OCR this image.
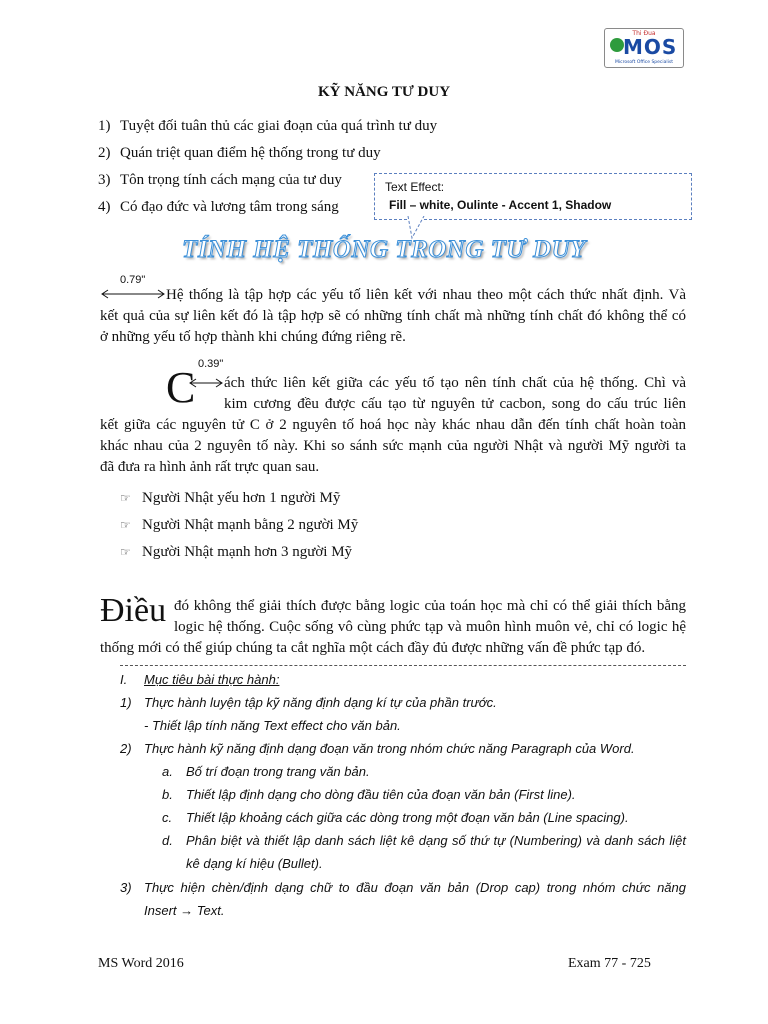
Thi Đua
MOS
Microsoft Office Specialist
KỸ NĂNG TƯ DUY
1) Tuyệt đối tuân thủ các giai đoạn của quá trình tư duy
2) Quán triệt quan điểm hệ thống trong tư duy
3) Tôn trọng tính cách mạng của tư duy
4) Có đạo đức và lương tâm trong sáng
Text Effect:
Fill – white, Oulinte - Accent 1, Shadow
TÍNH HỆ THỐNG TRONG TƯ DUY
0.79"
Hệ thống là tập hợp các yếu tố liên kết với nhau theo một cách thức nhất định. Và
kết quả của sự liên kết đó là tập hợp sẽ có những tính chất mà những tính chất đó không thể có
ở những yếu tố hợp thành khi chúng đứng riêng rẽ.
0.39"
C ách thức liên kết giữa các yếu tố tạo nên tính chất của hệ thống. Chì và
kim cương đều được cấu tạo từ nguyên tử cacbon, song do cấu trúc liên
kết giữa các nguyên tử C ở 2 nguyên tố hoá học này khác nhau dẫn đến tính chất hoàn toàn
khác nhau của 2 nguyên tố này. Khi so sánh sức mạnh của người Nhật và người Mỹ người ta
đã đưa ra hình ảnh rất trực quan sau.
☞ Người Nhật yếu hơn 1 người Mỹ
☞ Người Nhật mạnh bằng 2 người Mỹ
☞ Người Nhật mạnh hơn 3 người Mỹ
Điều đó không thể giải thích được bằng logic của toán học mà chỉ có thể giải thích bằng
logic hệ thống. Cuộc sống vô cùng phức tạp và muôn hình muôn vẻ, chỉ có logic hệ
thống mới có thể giúp chúng ta cắt nghĩa một cách đầy đủ được những vấn đề phức tạp đó.
I. Mục tiêu bài thực hành:
1) Thực hành luyện tập kỹ năng định dạng kí tự của phần trước.
- Thiết lập tính năng Text effect cho văn bản.
2) Thực hành kỹ năng định dạng đoạn văn trong nhóm chức năng Paragraph của Word.
a. Bố trí đoạn trong trang văn bản.
b. Thiết lập định dạng cho dòng đầu tiên của đoạn văn bản (First line).
c. Thiết lập khoảng cách giữa các dòng trong một đoạn văn bản (Line spacing).
d. Phân biệt và thiết lập danh sách liệt kê dạng số thứ tự (Numbering) và danh sách liệt
kê dạng kí hiệu (Bullet).
3) Thực hiện chèn/định dạng chữ to đầu đoạn văn bản (Drop cap) trong nhóm chức năng
Insert → Text.
MS Word 2016	Exam 77 - 725
